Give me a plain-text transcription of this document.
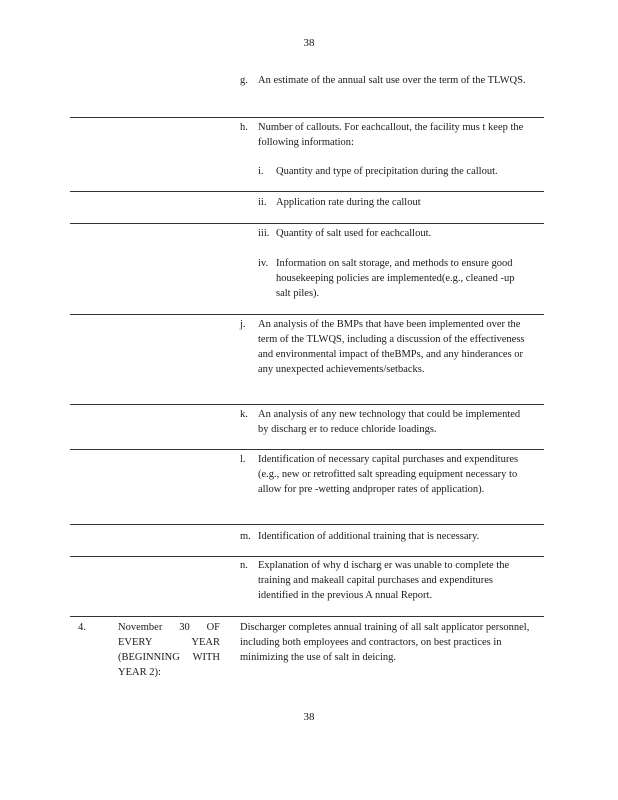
38
g. An estimate of the annual salt use over the term of the TLWQS.
h. Number of callouts. For eachcallout, the facility mus t keep the following information:
i. Quantity and type of precipitation during the callout.
ii. Application rate during the callout
iii. Quantity of salt used for eachcallout.
iv. Information on salt storage, and methods to ensure good housekeeping policies are implemented(e.g., cleaned -up salt piles).
j. An analysis of the BMPs that have been implemented over the term of the TLWQS, including a discussion of the effectiveness and environmental impact of theBMPs, and any hinderances or any unexpected achievements/setbacks.
k. An analysis of any new technology that could be implemented by discharg er to reduce chloride loadings.
l. Identification of necessary capital purchases and expenditures (e.g., new or retrofitted salt spreading equipment necessary to allow for pre -wetting andproper rates of application).
m. Identification of additional training that is necessary.
n. Explanation of why d ischarg er was unable to complete the training and makeall capital purchases and expenditures identified in the previous A nnual Report.
4.	November 30 OF EVERY YEAR (BEGINNING WITH YEAR 2):
Discharger completes annual training of all salt applicator personnel, including both employees and contractors, on best practices in minimizing the use of salt in deicing.
38
